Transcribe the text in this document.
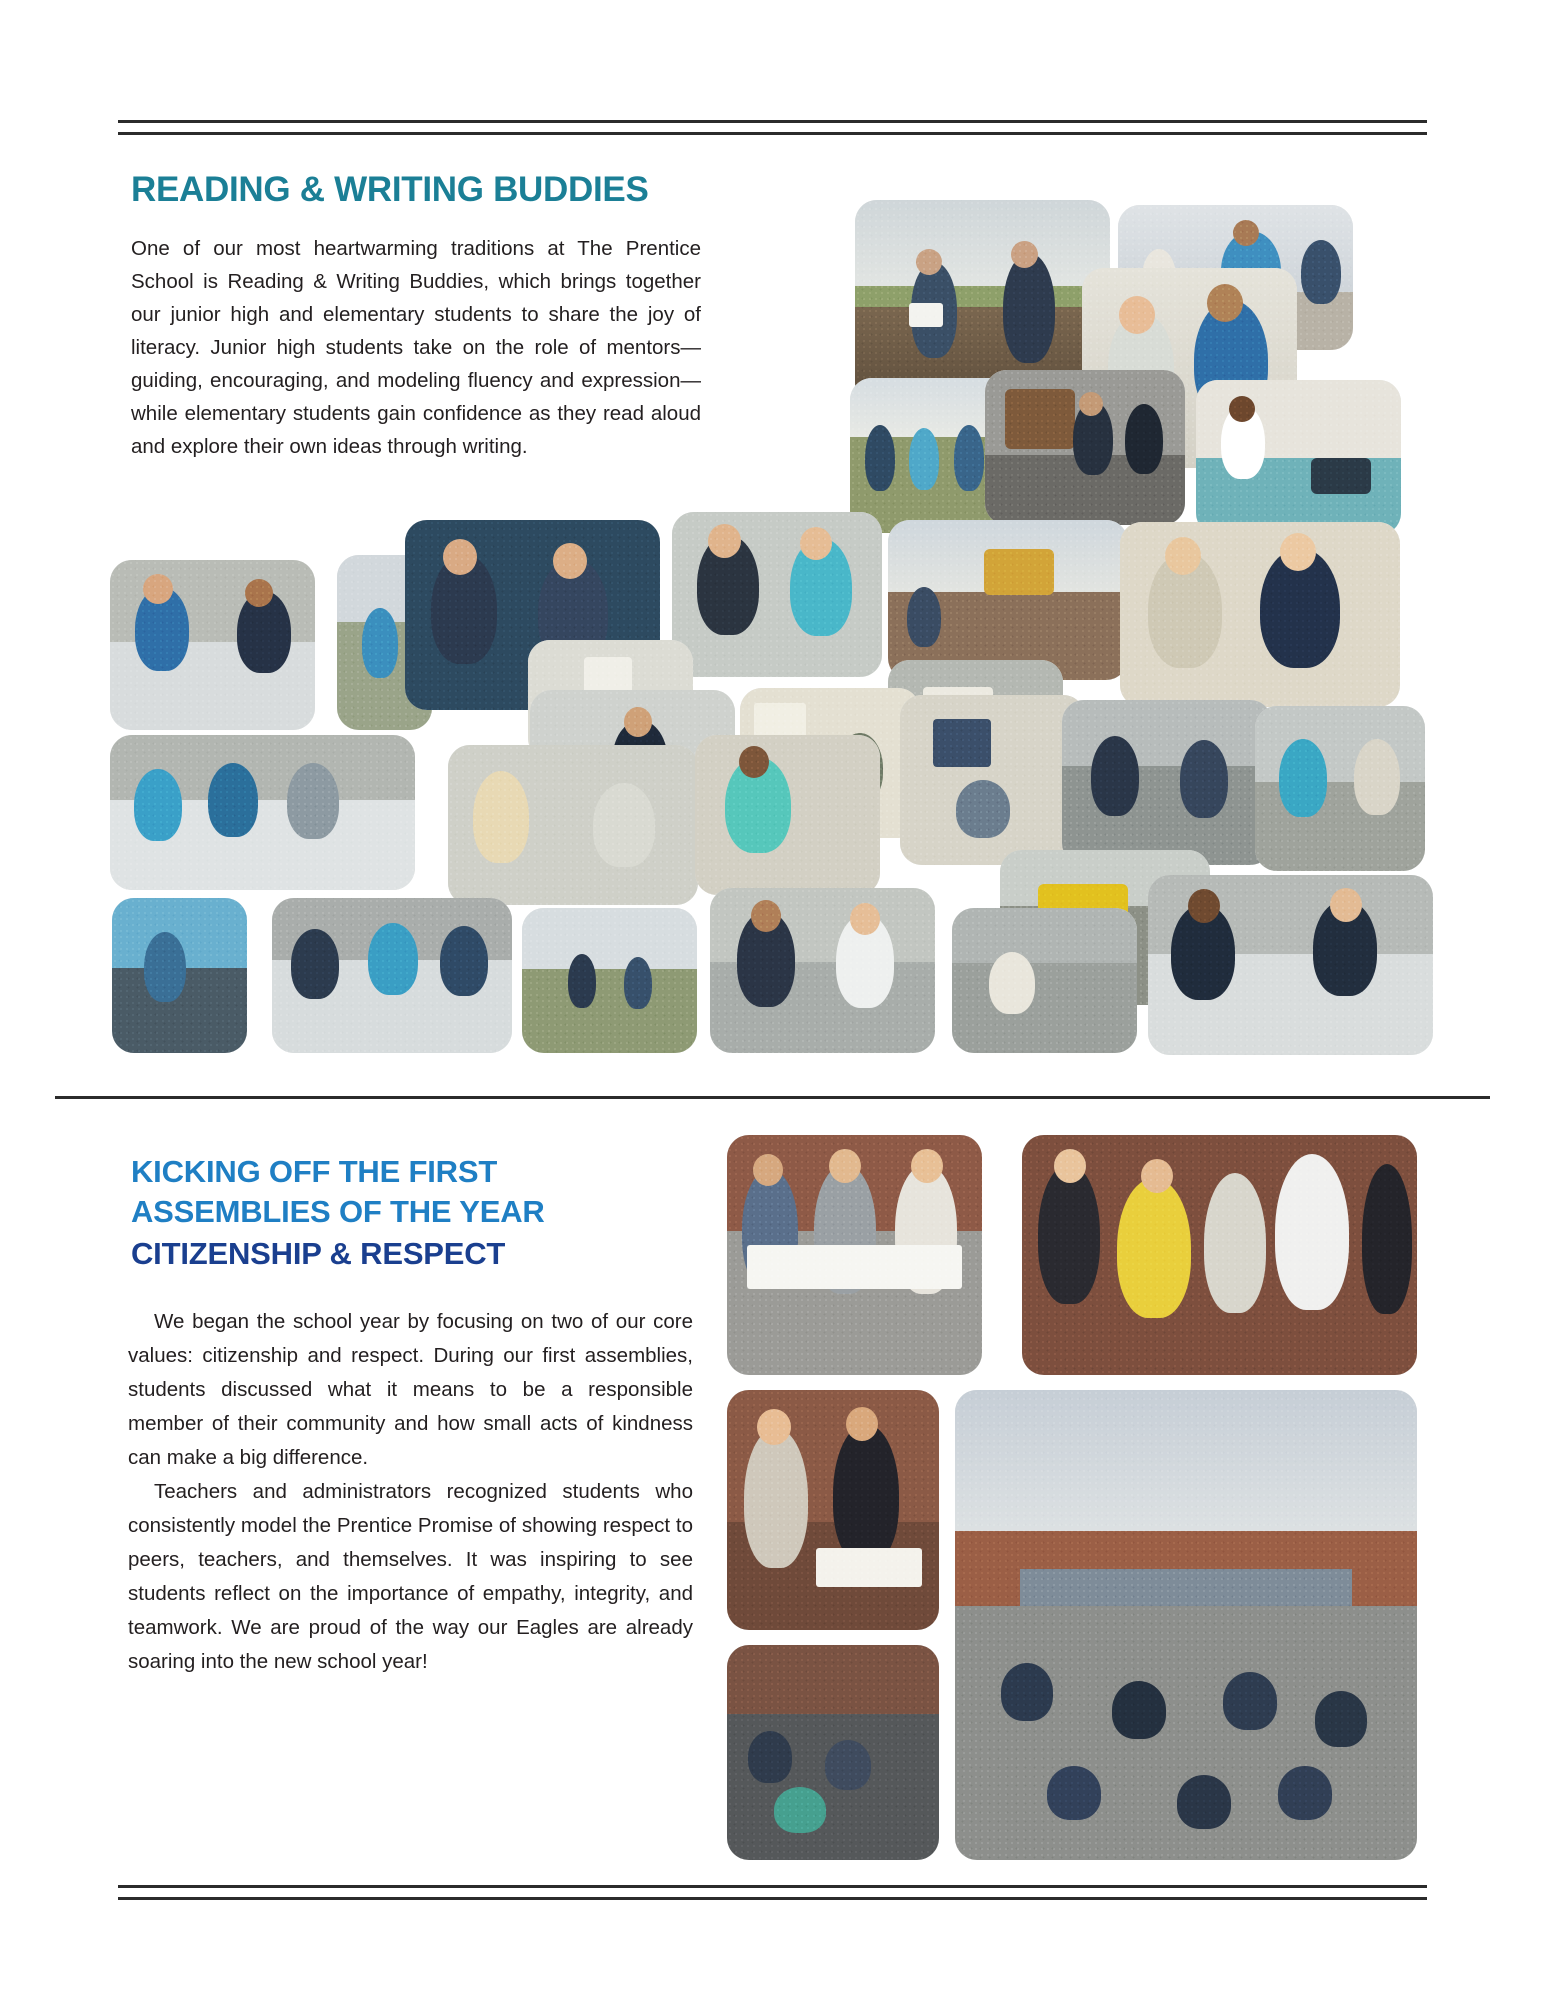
READING & WRITING BUDDIES
One of our most heartwarming traditions at The Prentice School is Reading & Writing Buddies, which brings together our junior high and elementary students to share the joy of literacy. Junior high students take on the role of mentors—guiding, encouraging, and modeling fluency and expression—while elementary students gain confidence as they read aloud and explore their own ideas through writing.
KICKING OFF THE FIRST
ASSEMBLIES OF THE YEAR
CITIZENSHIP & RESPECT

We began the school year by focusing on two of our core values: citizenship and respect. During our first assemblies, students discussed what it means to be a responsible member of their community and how small acts of kindness can make a big difference.

Teachers and administrators recognized students who consistently model the Prentice Promise of showing respect to peers, teachers, and themselves. It was inspiring to see students reflect on the importance of empathy, integrity, and teamwork. We are proud of the way our Eagles are already soaring into the new school year!
